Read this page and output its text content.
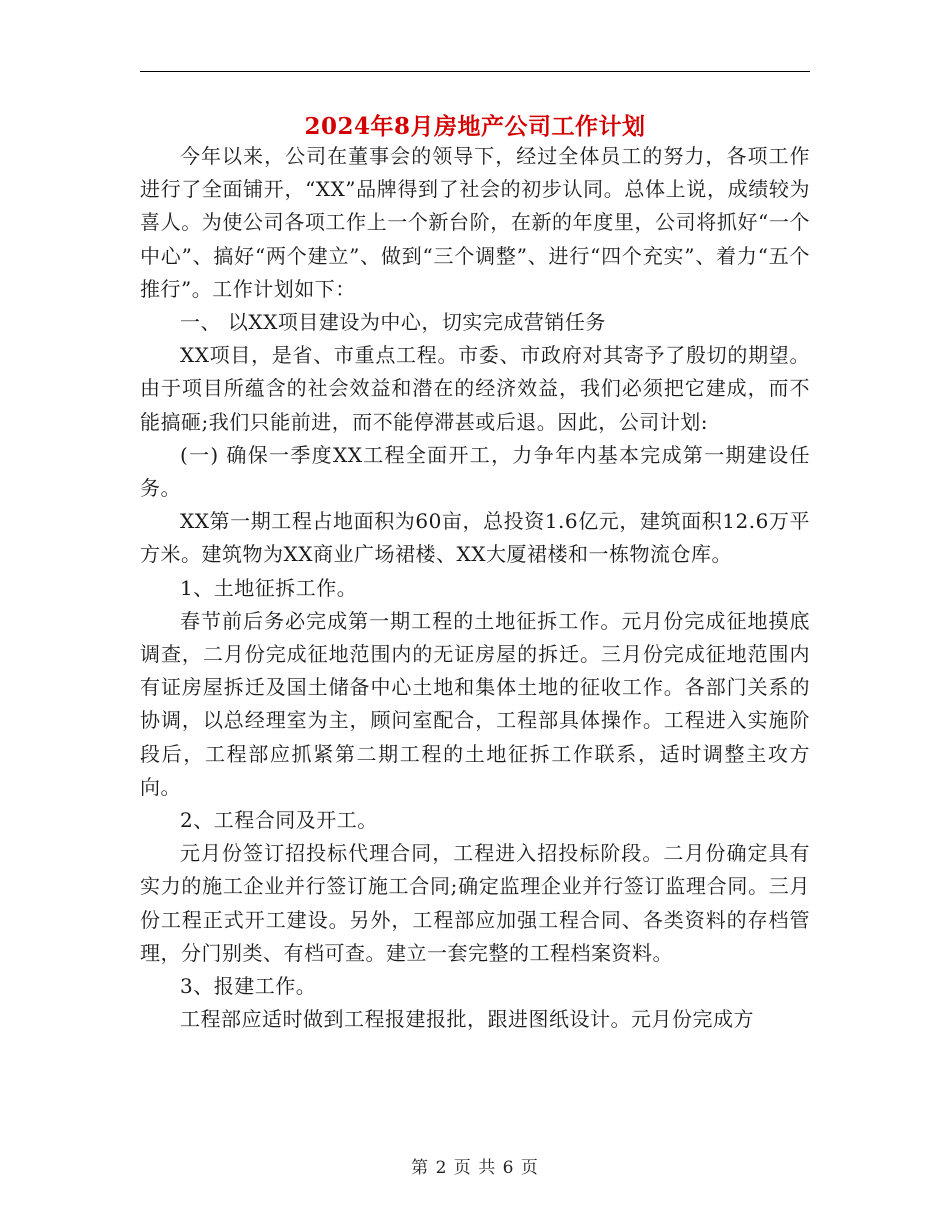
2024年8月房地产公司工作计划

今年以来，公司在董事会的领导下，经过全体员工的努力，各项工作进行了全面铺开，“XX”品牌得到了社会的初步认同。总体上说，成绩较为喜人。为使公司各项工作上一个新台阶，在新的年度里，公司将抓好“一个中心”、搞好“两个建立”、做到“三个调整”、进行“四个充实”、着力“五个推行”。工作计划如下：

一、 以XX项目建设为中心，切实完成营销任务

XX项目，是省、市重点工程。市委、市政府对其寄予了殷切的期望。由于项目所蕴含的社会效益和潜在的经济效益，我们必须把它建成，而不能搞砸;我们只能前进，而不能停滞甚或后退。因此，公司计划:

(一) 确保一季度XX工程全面开工，力争年内基本完成第一期建设任务。

XX第一期工程占地面积为60亩，总投资1.6亿元，建筑面积12.6万平方米。建筑物为XX商业广场裙楼、XX大厦裙楼和一栋物流仓库。

1、土地征拆工作。

春节前后务必完成第一期工程的土地征拆工作。元月份完成征地摸底调查，二月份完成征地范围内的无证房屋的拆迁。三月份完成征地范围内有证房屋拆迁及国土储备中心土地和集体土地的征收工作。各部门关系的协调，以总经理室为主，顾问室配合，工程部具体操作。工程进入实施阶段后，工程部应抓紧第二期工程的土地征拆工作联系，适时调整主攻方向。

2、工程合同及开工。

元月份签订招投标代理合同，工程进入招投标阶段。二月份确定具有实力的施工企业并行签订施工合同;确定监理企业并行签订监理合同。三月份工程正式开工建设。另外，工程部应加强工程合同、各类资料的存档管理，分门别类、有档可查。建立一套完整的工程档案资料。

3、报建工作。

工程部应适时做到工程报建报批，跟进图纸设计。元月份完成方

第 2 页 共 6 页
